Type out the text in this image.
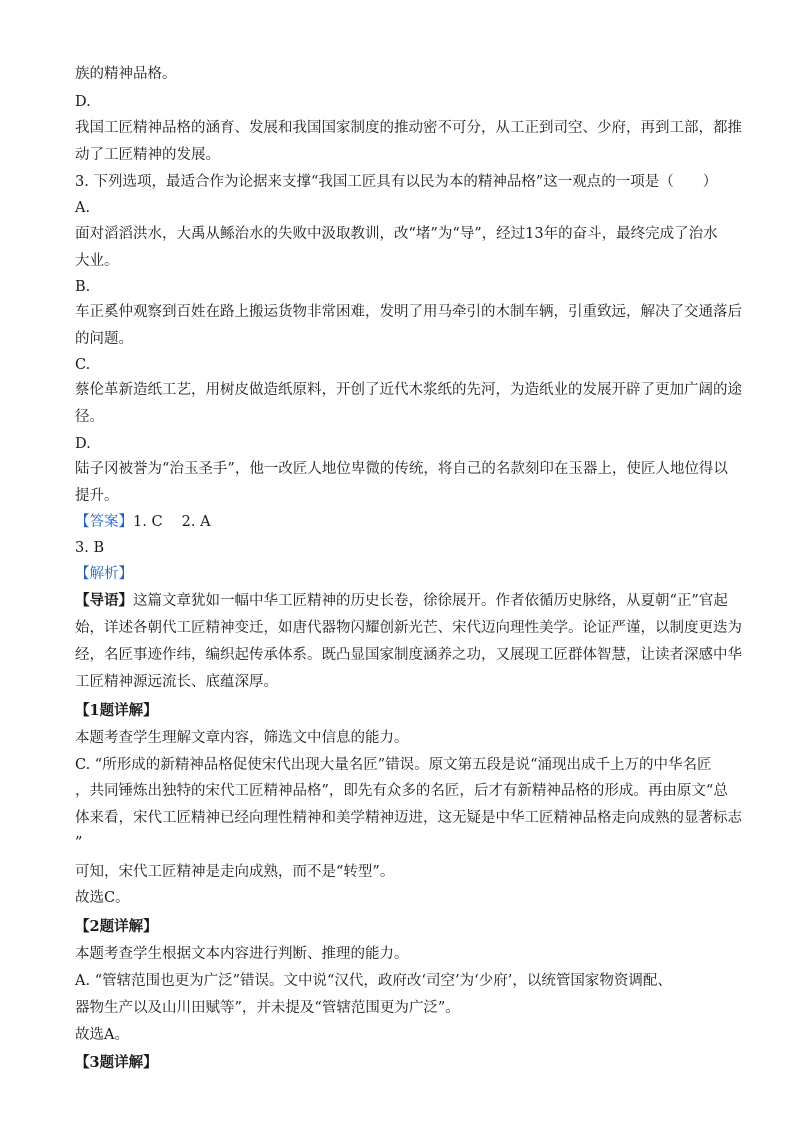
族的精神品格。
D.
我国工匠精神品格的涵育、发展和我国国家制度的推动密不可分，从工正到司空、少府，再到工部，都推
动了工匠精神的发展。
3. 下列选项，最适合作为论据来支撑“我国工匠具有以民为本的精神品格”这一观点的一项是（　　）
A.
面对滔滔洪水，大禹从鲧治水的失败中汲取教训，改“堵”为“导”，经过13年的奋斗，最终完成了治水
大业。
B.
车正奚仲观察到百姓在路上搬运货物非常困难，发明了用马牵引的木制车辆，引重致远，解决了交通落后
的问题。
C.
蔡伦革新造纸工艺，用树皮做造纸原料，开创了近代木浆纸的先河，为造纸业的发展开辟了更加广阔的途
径。
D.
陆子冈被誉为“治玉圣手”，他一改匠人地位卑微的传统，将自己的名款刻印在玉器上，使匠人地位得以
提升。
【答案】1. C　 2. A
3. B
【解析】
【导语】这篇文章犹如一幅中华工匠精神的历史长卷，徐徐展开。作者依循历史脉络，从夏朝“正”官起
始，详述各朝代工匠精神变迁，如唐代器物闪耀创新光芒、宋代迈向理性美学。论证严谨，以制度更迭为
经，名匠事迹作纬，编织起传承体系。既凸显国家制度涵养之功，又展现工匠群体智慧，让读者深感中华
工匠精神源远流长、底蕴深厚。
【1题详解】
本题考查学生理解文章内容，筛选文中信息的能力。
C. “所形成的新精神品格促使宋代出现大量名匠”错误。原文第五段是说“涌现出成千上万的中华名匠
，共同锤炼出独特的宋代工匠精神品格”，即先有众多的名匠，后才有新精神品格的形成。再由原文“总
体来看，宋代工匠精神已经向理性精神和美学精神迈进，这无疑是中华工匠精神品格走向成熟的显著标志
”
可知，宋代工匠精神是走向成熟，而不是“转型”。
故选C。
【2题详解】
本题考查学生根据文本内容进行判断、推理的能力。
A. “管辖范围也更为广泛”错误。文中说“汉代，政府改‘司空’为‘少府’，以统管国家物资调配、
器物生产以及山川田赋等”，并未提及“管辖范围更为广泛”。
故选A。
【3题详解】
